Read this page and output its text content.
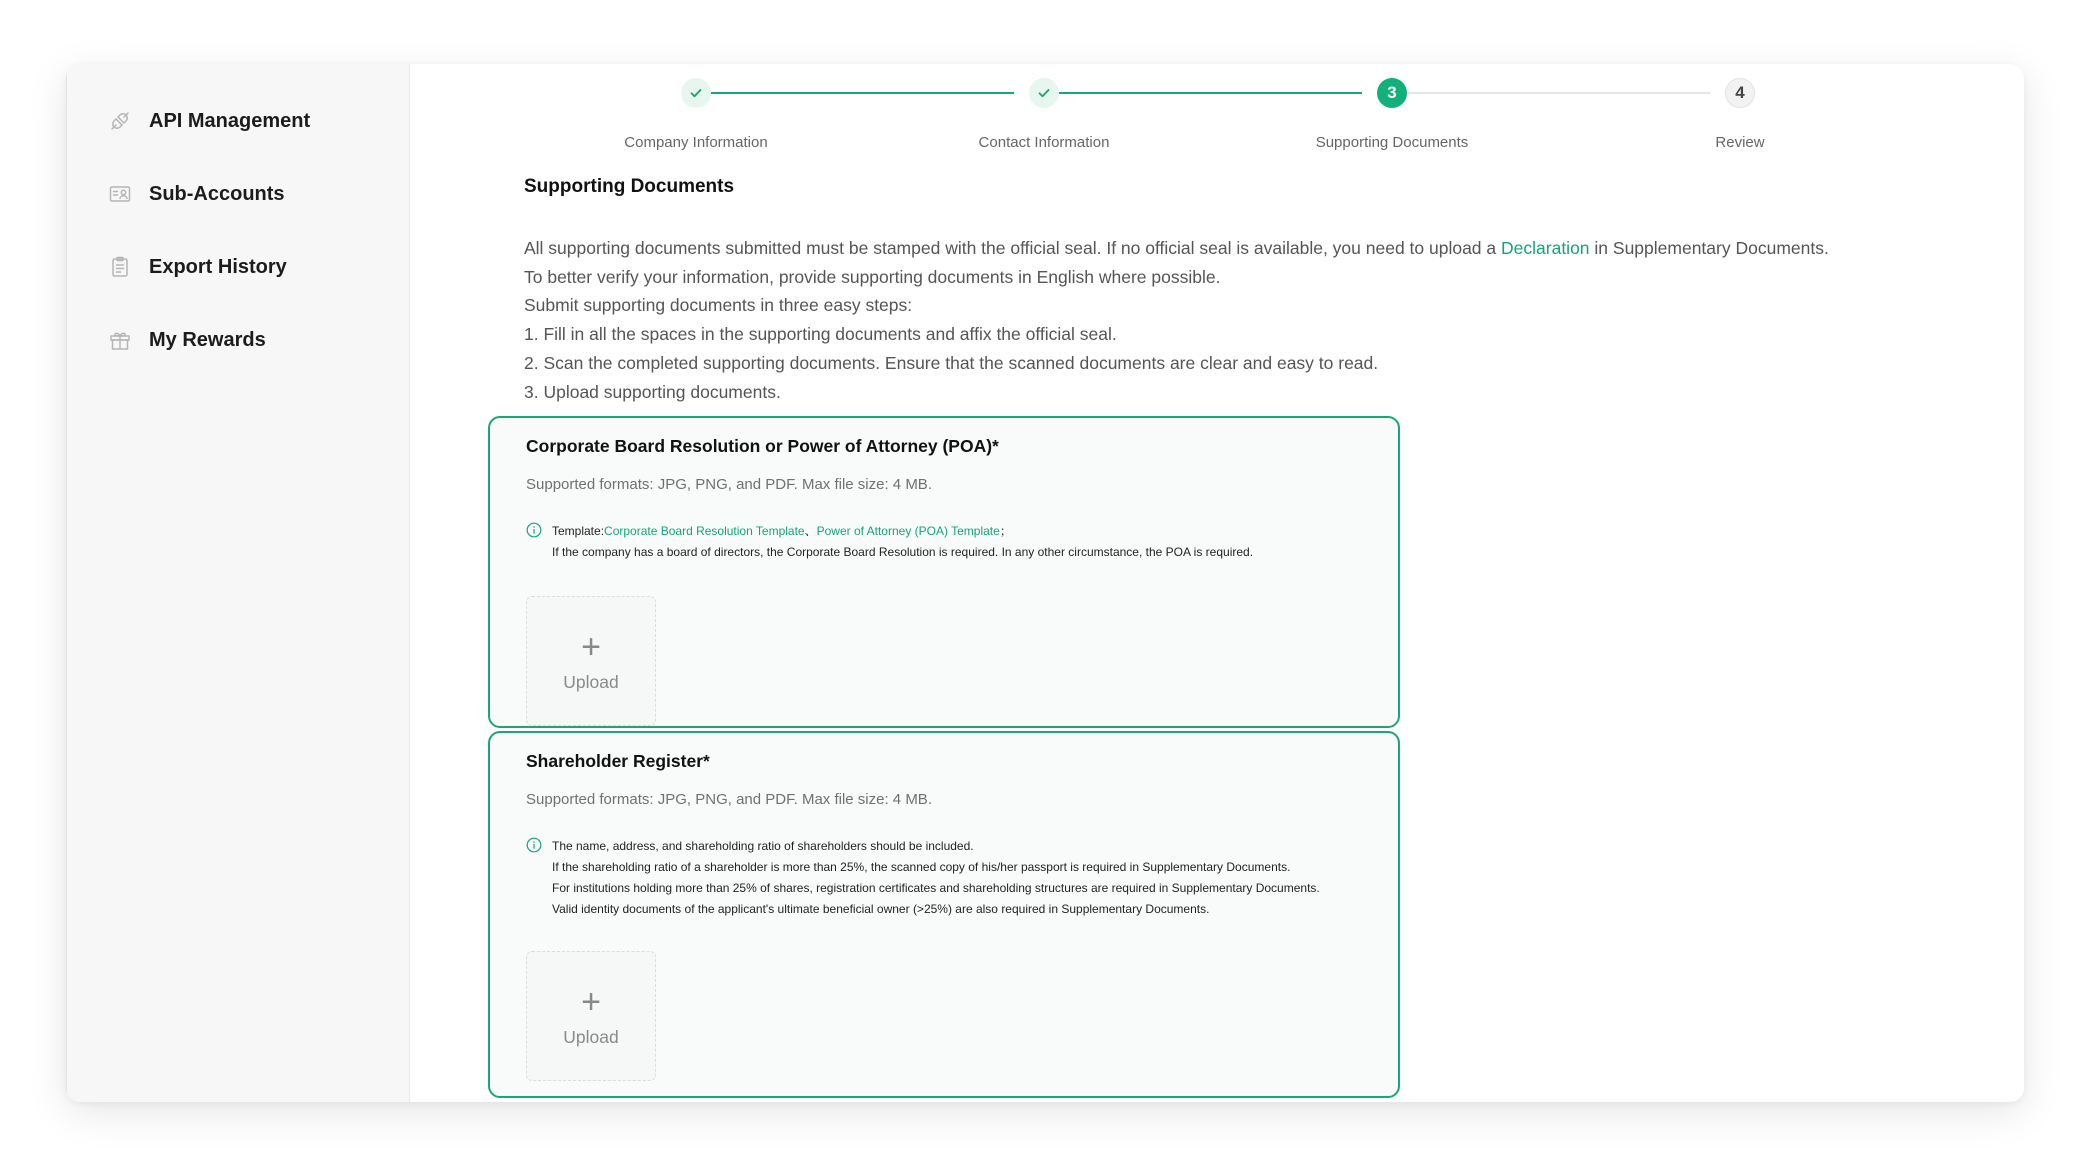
API Management
Sub-Accounts
Export History
My Rewards
3	4
Company Information	Contact Information	Supporting Documents	Review
Supporting Documents

All supporting documents submitted must be stamped with the official seal. If no official seal is available, you need to upload a Declaration in Supplementary Documents.

To better verify your information, provide supporting documents in English where possible.

Submit supporting documents in three easy steps:

1. Fill in all the spaces in the supporting documents and affix the official seal.

2. Scan the completed supporting documents. Ensure that the scanned documents are clear and easy to read.

3. Upload supporting documents.

Corporate Board Resolution or Power of Attorney (POA)*
Supported formats: JPG, PNG, and PDF. Max file size: 4 MB.
Template:Corporate Board Resolution Template、Power of Attorney (POA) Template；
If the company has a board of directors, the Corporate Board Resolution is required. In any other circumstance, the POA is required.
+
Upload
Shareholder Register*
Supported formats: JPG, PNG, and PDF. Max file size: 4 MB.
The name, address, and shareholding ratio of shareholders should be included.
If the shareholding ratio of a shareholder is more than 25%, the scanned copy of his/her passport is required in Supplementary Documents.
For institutions holding more than 25% of shares, registration certificates and shareholding structures are required in Supplementary Documents.
Valid identity documents of the applicant's ultimate beneficial owner (>25%) are also required in Supplementary Documents.
+
Upload
